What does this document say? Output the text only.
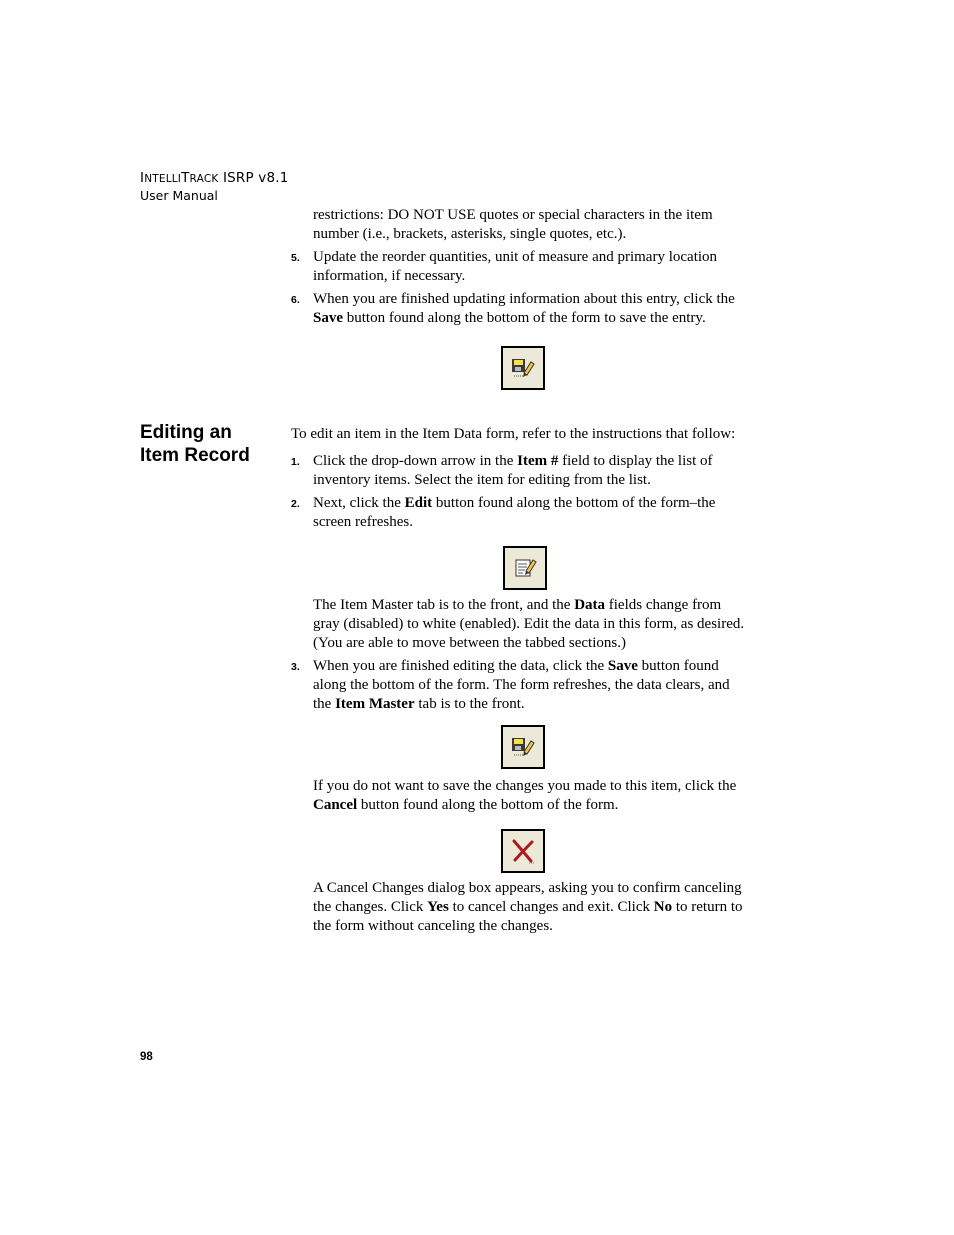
INTELLITRACK ISRP v8.1
User Manual
restrictions: DO NOT USE quotes or special characters in the item
number (i.e., brackets, asterisks, single quotes, etc.).
5. Update the reorder quantities, unit of measure and primary location
information, if necessary.
6. When you are finished updating information about this entry, click the
Save button found along the bottom of the form to save the entry.
Editing an
Item Record
To edit an item in the Item Data form, refer to the instructions that follow:
1. Click the drop-down arrow in the Item # field to display the list of
inventory items. Select the item for editing from the list.
2. Next, click the Edit button found along the bottom of the form–the
screen refreshes.
The Item Master tab is to the front, and the Data fields change from
gray (disabled) to white (enabled). Edit the data in this form, as desired.
(You are able to move between the tabbed sections.)
3. When you are finished editing the data, click the Save button found
along the bottom of the form. The form refreshes, the data clears, and
the Item Master tab is to the front.
If you do not want to save the changes you made to this item, click the
Cancel button found along the bottom of the form.
A Cancel Changes dialog box appears, asking you to confirm canceling
the changes. Click Yes to cancel changes and exit. Click No to return to
the form without canceling the changes.
98
